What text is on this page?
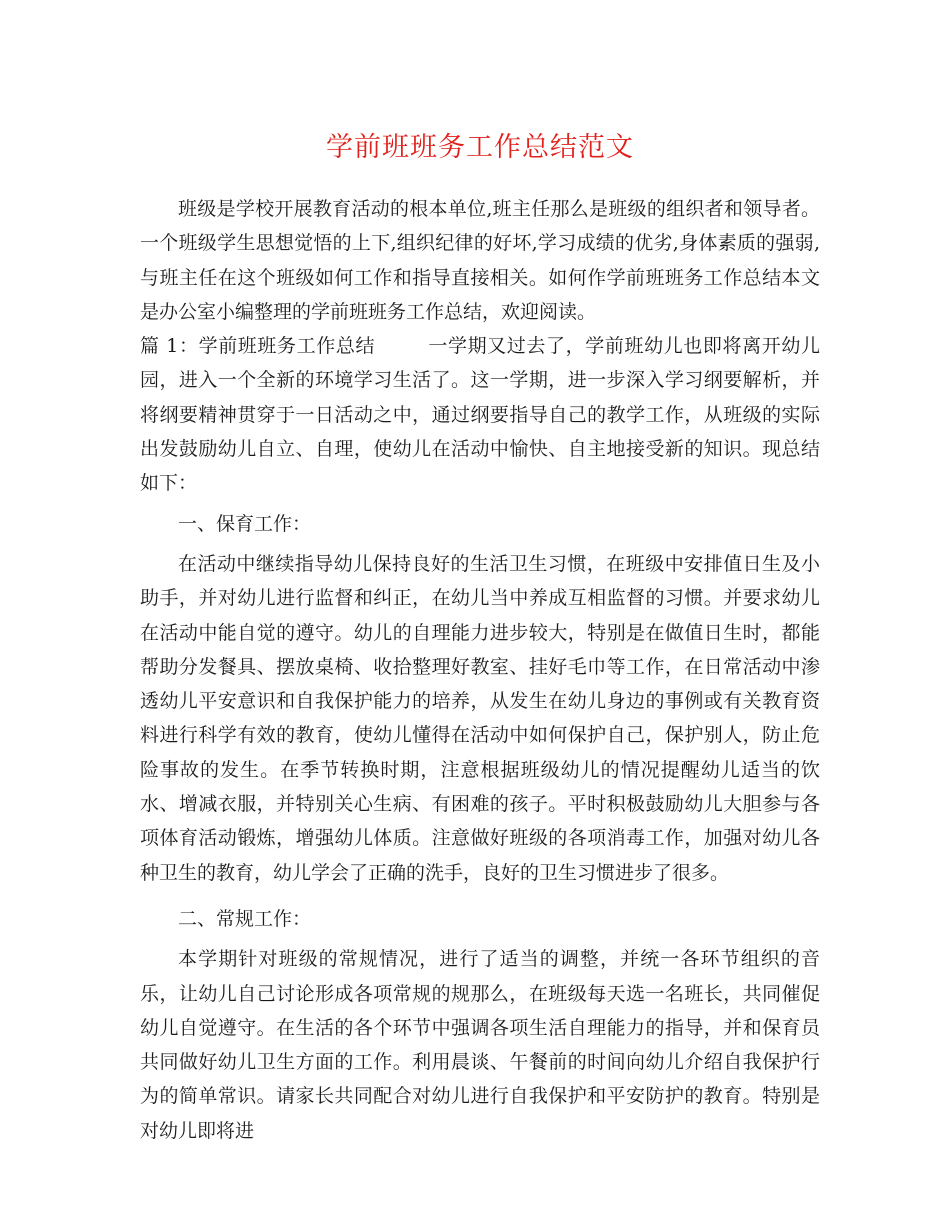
学前班班务工作总结范文

班级是学校开展教育活动的根本单位,班主任那么是班级的组织者和领导者。一个班级学生思想觉悟的上下,组织纪律的好坏,学习成绩的优劣,身体素质的强弱,与班主任在这个班级如何工作和指导直接相关。如何作学前班班务工作总结本文是办公室小编整理的学前班班务工作总结，欢迎阅读。

篇 1：学前班班务工作总结	一学期又过去了，学前班幼儿也即将离开幼儿园，进入一个全新的环境学习生活了。这一学期，进一步深入学习纲要解析，并将纲要精神贯穿于一日活动之中，通过纲要指导自己的教学工作，从班级的实际出发鼓励幼儿自立、自理，使幼儿在活动中愉快、自主地接受新的知识。现总结如下：

一、保育工作：

在活动中继续指导幼儿保持良好的生活卫生习惯，在班级中安排值日生及小助手，并对幼儿进行监督和纠正，在幼儿当中养成互相监督的习惯。并要求幼儿在活动中能自觉的遵守。幼儿的自理能力进步较大，特别是在做值日生时，都能帮助分发餐具、摆放桌椅、收拾整理好教室、挂好毛巾等工作，在日常活动中渗透幼儿平安意识和自我保护能力的培养，从发生在幼儿身边的事例或有关教育资料进行科学有效的教育，使幼儿懂得在活动中如何保护自己，保护别人，防止危险事故的发生。在季节转换时期，注意根据班级幼儿的情况提醒幼儿适当的饮水、增减衣服，并特别关心生病、有困难的孩子。平时积极鼓励幼儿大胆参与各项体育活动锻炼，增强幼儿体质。注意做好班级的各项消毒工作，加强对幼儿各种卫生的教育，幼儿学会了正确的洗手，良好的卫生习惯进步了很多。

二、常规工作：

本学期针对班级的常规情况，进行了适当的调整，并统一各环节组织的音乐，让幼儿自己讨论形成各项常规的规那么，在班级每天选一名班长，共同催促幼儿自觉遵守。在生活的各个环节中强调各项生活自理能力的指导，并和保育员共同做好幼儿卫生方面的工作。利用晨谈、午餐前的时间向幼儿介绍自我保护行为的简单常识。请家长共同配合对幼儿进行自我保护和平安防护的教育。特别是对幼儿即将进
